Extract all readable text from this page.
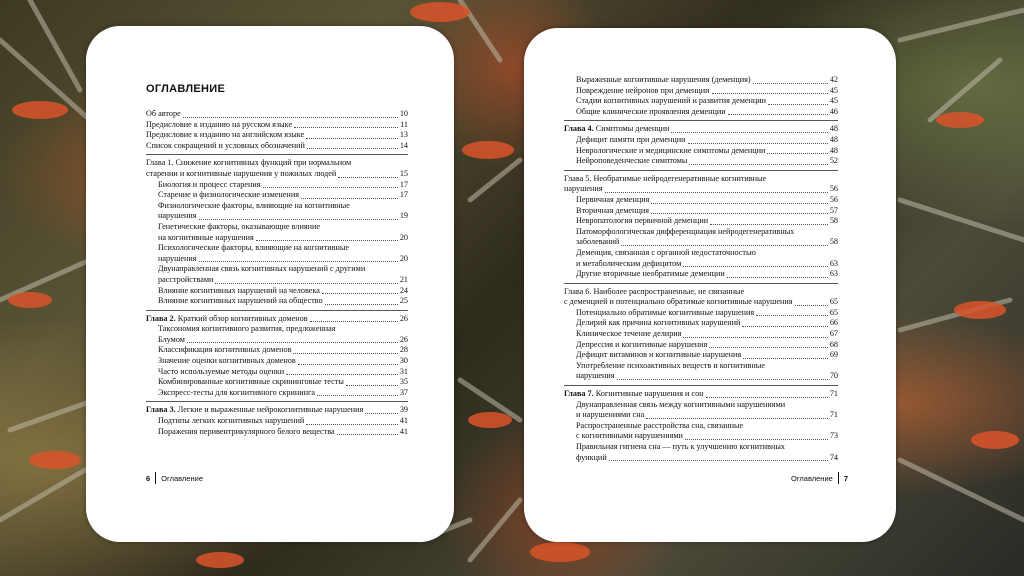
ОГЛАВЛЕНИЕ
Об авторе	10
Предисловие к изданию на русском языке	11
Предисловие к изданию на английском языке	13
Список сокращений и условных обозначений	14
Глава 1. Снижение когнитивных функций при нормальном
старении и когнитивные нарушения у пожилых людей	15
Биология и процесс старения	17
Старение и физиологические изменения	17
Физиологические факторы, влияющие на когнитивные
нарушения	19
Генетические факторы, оказывающие влияние
на когнитивные нарушения	20
Психологические факторы, влияющие на когнитивные
нарушения	20
Двунаправленная связь когнитивных нарушений с другими
расстройствами	21
Влияние когнитивных нарушений на человека	24
Влияние когнитивных нарушений на общество	25
Глава 2. Краткий обзор когнитивных доменов	26
Таксономия когнитивного развития, предложенная
Блумом	26
Классификация когнитивных доменов	28
Значение оценки когнитивных доменов	30
Часто используемые методы оценки	31
Комбинированные когнитивные скрининговые тесты	35
Экспресс-тесты для когнитивного скрининга	37
Глава 3. Легкие и выраженные нейрокогнитивные нарушения	39
Подтипы легких когнитивных нарушений	41
Поражения перивентрикулярного белого вещества	41
6 Оглавление
Выраженные когнитивные нарушения (деменция)	42
Повреждение нейронов при деменции	45
Стадии когнитивных нарушений и развития деменции	45
Общие клинические проявления деменции	46
Глава 4. Симптомы деменции	48
Дефицит памяти при деменции	48
Неврологические и медицинские симптомы деменции	48
Нейроповеденческие симптомы	52
Глава 5. Необратимые нейродегенеративные когнитивные
нарушения	56
Первичная деменция	56
Вторичная деменция	57
Невропатология первичной деменции	58
Патоморфологическая дифференциация нейродегенеративных
заболеваний	58
Деменция, связанная с органной недостаточностью
и метаболическим дефицитом	63
Другие вторичные необратимые деменции	63
Глава 6. Наиболее распространенные, не связанные
с деменцией и потенциально обратимые когнитивные нарушения	65
Потенциально обратимые когнитивные нарушения	65
Делирий как причина когнитивных нарушений	66
Клиническое течение делирия	67
Депрессия и когнитивные нарушения	68
Дефицит витаминов и когнитивные нарушения	69
Употребление психоактивных веществ и когнитивные
нарушения	70
Глава 7. Когнитивные нарушения и сон	71
Двунаправленная связь между когнитивными нарушениями
и нарушениями сна	71
Распространенные расстройства сна, связанные
с когнитивными нарушениями	73
Правильная гигиена сна — путь к улучшению когнитивных
функций	74
Оглавление 7
